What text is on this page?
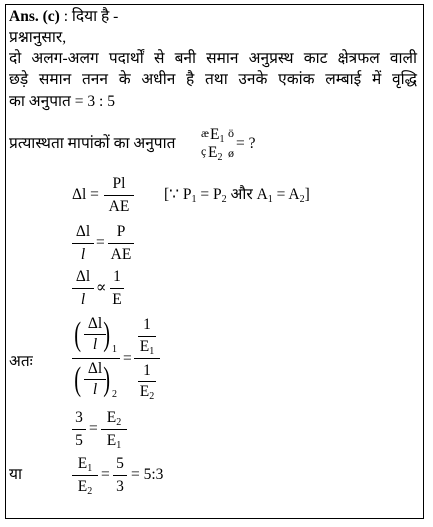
Ans. (c) : दिया है -
प्रश्नानुसार,
दो अलग-अलग पदार्थों से बनी समान अनुप्रस्थ काट क्षेत्रफल वाली
छड़े समान तनन के अधीन है तथा उनके एकांक लम्बाई में वृद्धि
का अनुपात = 3 : 5
प्रत्यास्थता मापांकों का अनुपात
æ $E_1$ ö
ç $E_2$ ø
= ?
Δl =
Pl
AE
[∵ $P_1 = P_2$ और $A_1 = A_2$]
Δl
l
=
P
AE
Δl
l
∝
1
E
अतः
( Δl
l ) 1
( Δl
l ) 2
=
1
$E_1$
1
$E_2$
3
5
=
$E_2$
$E_1$
या
$E_1$
$E_2$
=
5
3
= 5:3
